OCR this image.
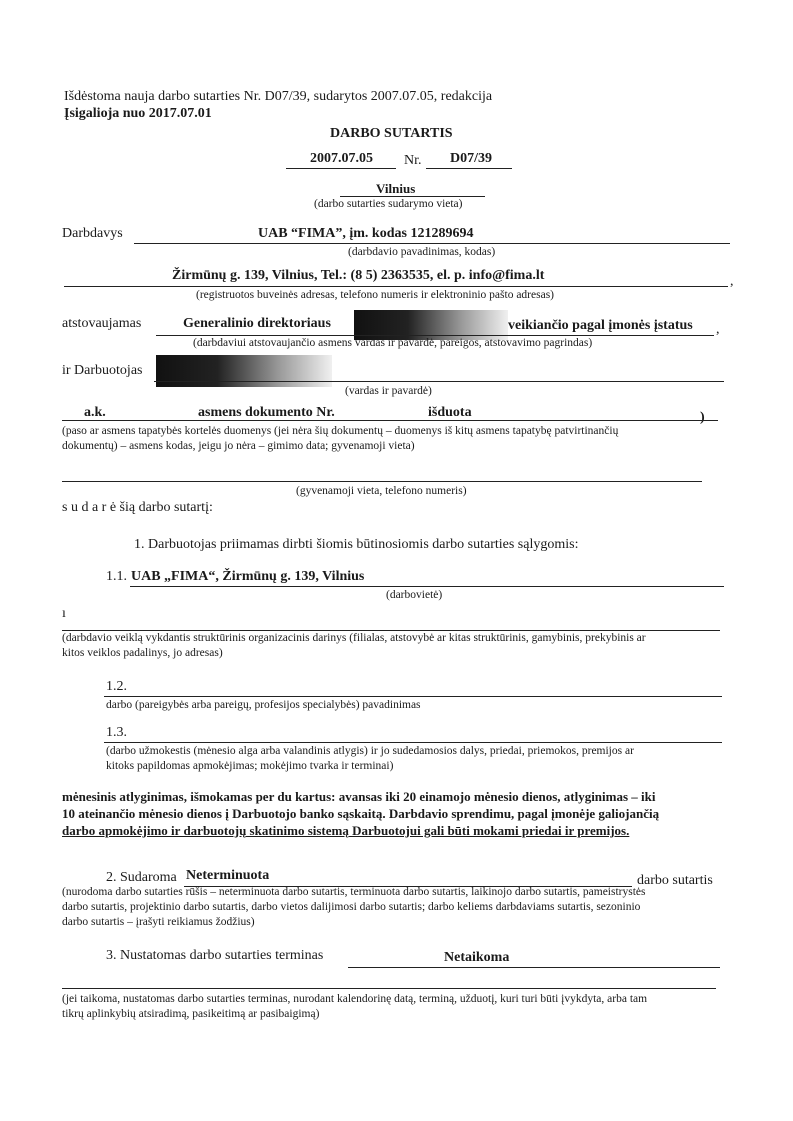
Išdėstoma nauja darbo sutarties Nr. D07/39, sudarytos 2007.07.05, redakcija
Įsigalioja nuo 2017.07.01
DARBO SUTARTIS
2007.07.05 Nr. D07/39
Vilnius
(darbo sutarties sudarymo vieta)
Darbdavys	UAB “FIMA”, įm. kodas 121289694
(darbdavio pavadinimas, kodas)
Žirmūnų g. 139, Vilnius, Tel.: (8 5) 2363535, el. p. info@fima.lt	,
(registruotos buveinės adresas, telefono numeris ir elektroninio pašto adresas)
atstovaujamas	Generalinio direktoriaus	veikiančio pagal įmonės įstatus ,
(darbdaviui atstovaujančio asmens vardas ir pavardė, pareigos, atstovavimo pagrindas)
ir Darbuotojas
(vardas ir pavardė)
a.k.	asmens dokumento Nr.	išduota	)
(paso ar asmens tapatybės kortelės duomenys (jei nėra šių dokumentų – duomenys iš kitų asmens tapatybę patvirtinančių
dokumentų) – asmens kodas, jeigu jo nėra – gimimo data; gyvenamoji vieta)
(gyvenamoji vieta, telefono numeris)
s u d a r ė šią darbo sutartį:
1. Darbuotojas priimamas dirbti šiomis būtinosiomis darbo sutarties sąlygomis:
1.1. UAB „FIMA“, Žirmūnų g. 139, Vilnius
(darbovietė)
ı
(darbdavio veiklą vykdantis struktūrinis organizacinis darinys (filialas, atstovybė ar kitas struktūrinis, gamybinis, prekybinis ar
kitos veiklos padalinys, jo adresas)
1.2.
darbo (pareigybės arba pareigų, profesijos specialybės) pavadinimas
1.3.
(darbo užmokestis (mėnesio alga arba valandinis atlygis) ir jo sudedamosios dalys, priedai, priemokos, premijos ar
kitoks papildomas apmokėjimas; mokėjimo tvarka ir terminai)
mėnesinis atlyginimas, išmokamas per du kartus: avansas iki 20 einamojo mėnesio dienos, atlyginimas – iki
10 ateinančio mėnesio dienos į Darbuotojo banko sąskaitą. Darbdavio sprendimu, pagal įmonėje galiojančią
darbo apmokėjimo ir darbuotojų skatinimo sistemą Darbuotojui gali būti mokami priedai ir premijos.
2. Sudaroma Neterminuota	darbo sutartis
(nurodoma darbo sutarties rūšis – neterminuota darbo sutartis, terminuota darbo sutartis, laikinojo darbo sutartis, pameistrystės
darbo sutartis, projektinio darbo sutartis, darbo vietos dalijimosi darbo sutartis; darbo keliems darbdaviams sutartis, sezoninio
darbo sutartis – įrašyti reikiamus žodžius)
3. Nustatomas darbo sutarties terminas	Netaikoma
(jei taikoma, nustatomas darbo sutarties terminas, nurodant kalendorinę datą, terminą, užduotį, kuri turi būti įvykdyta, arba tam
tikrų aplinkybių atsiradimą, pasikeitimą ar pasibaigimą)
